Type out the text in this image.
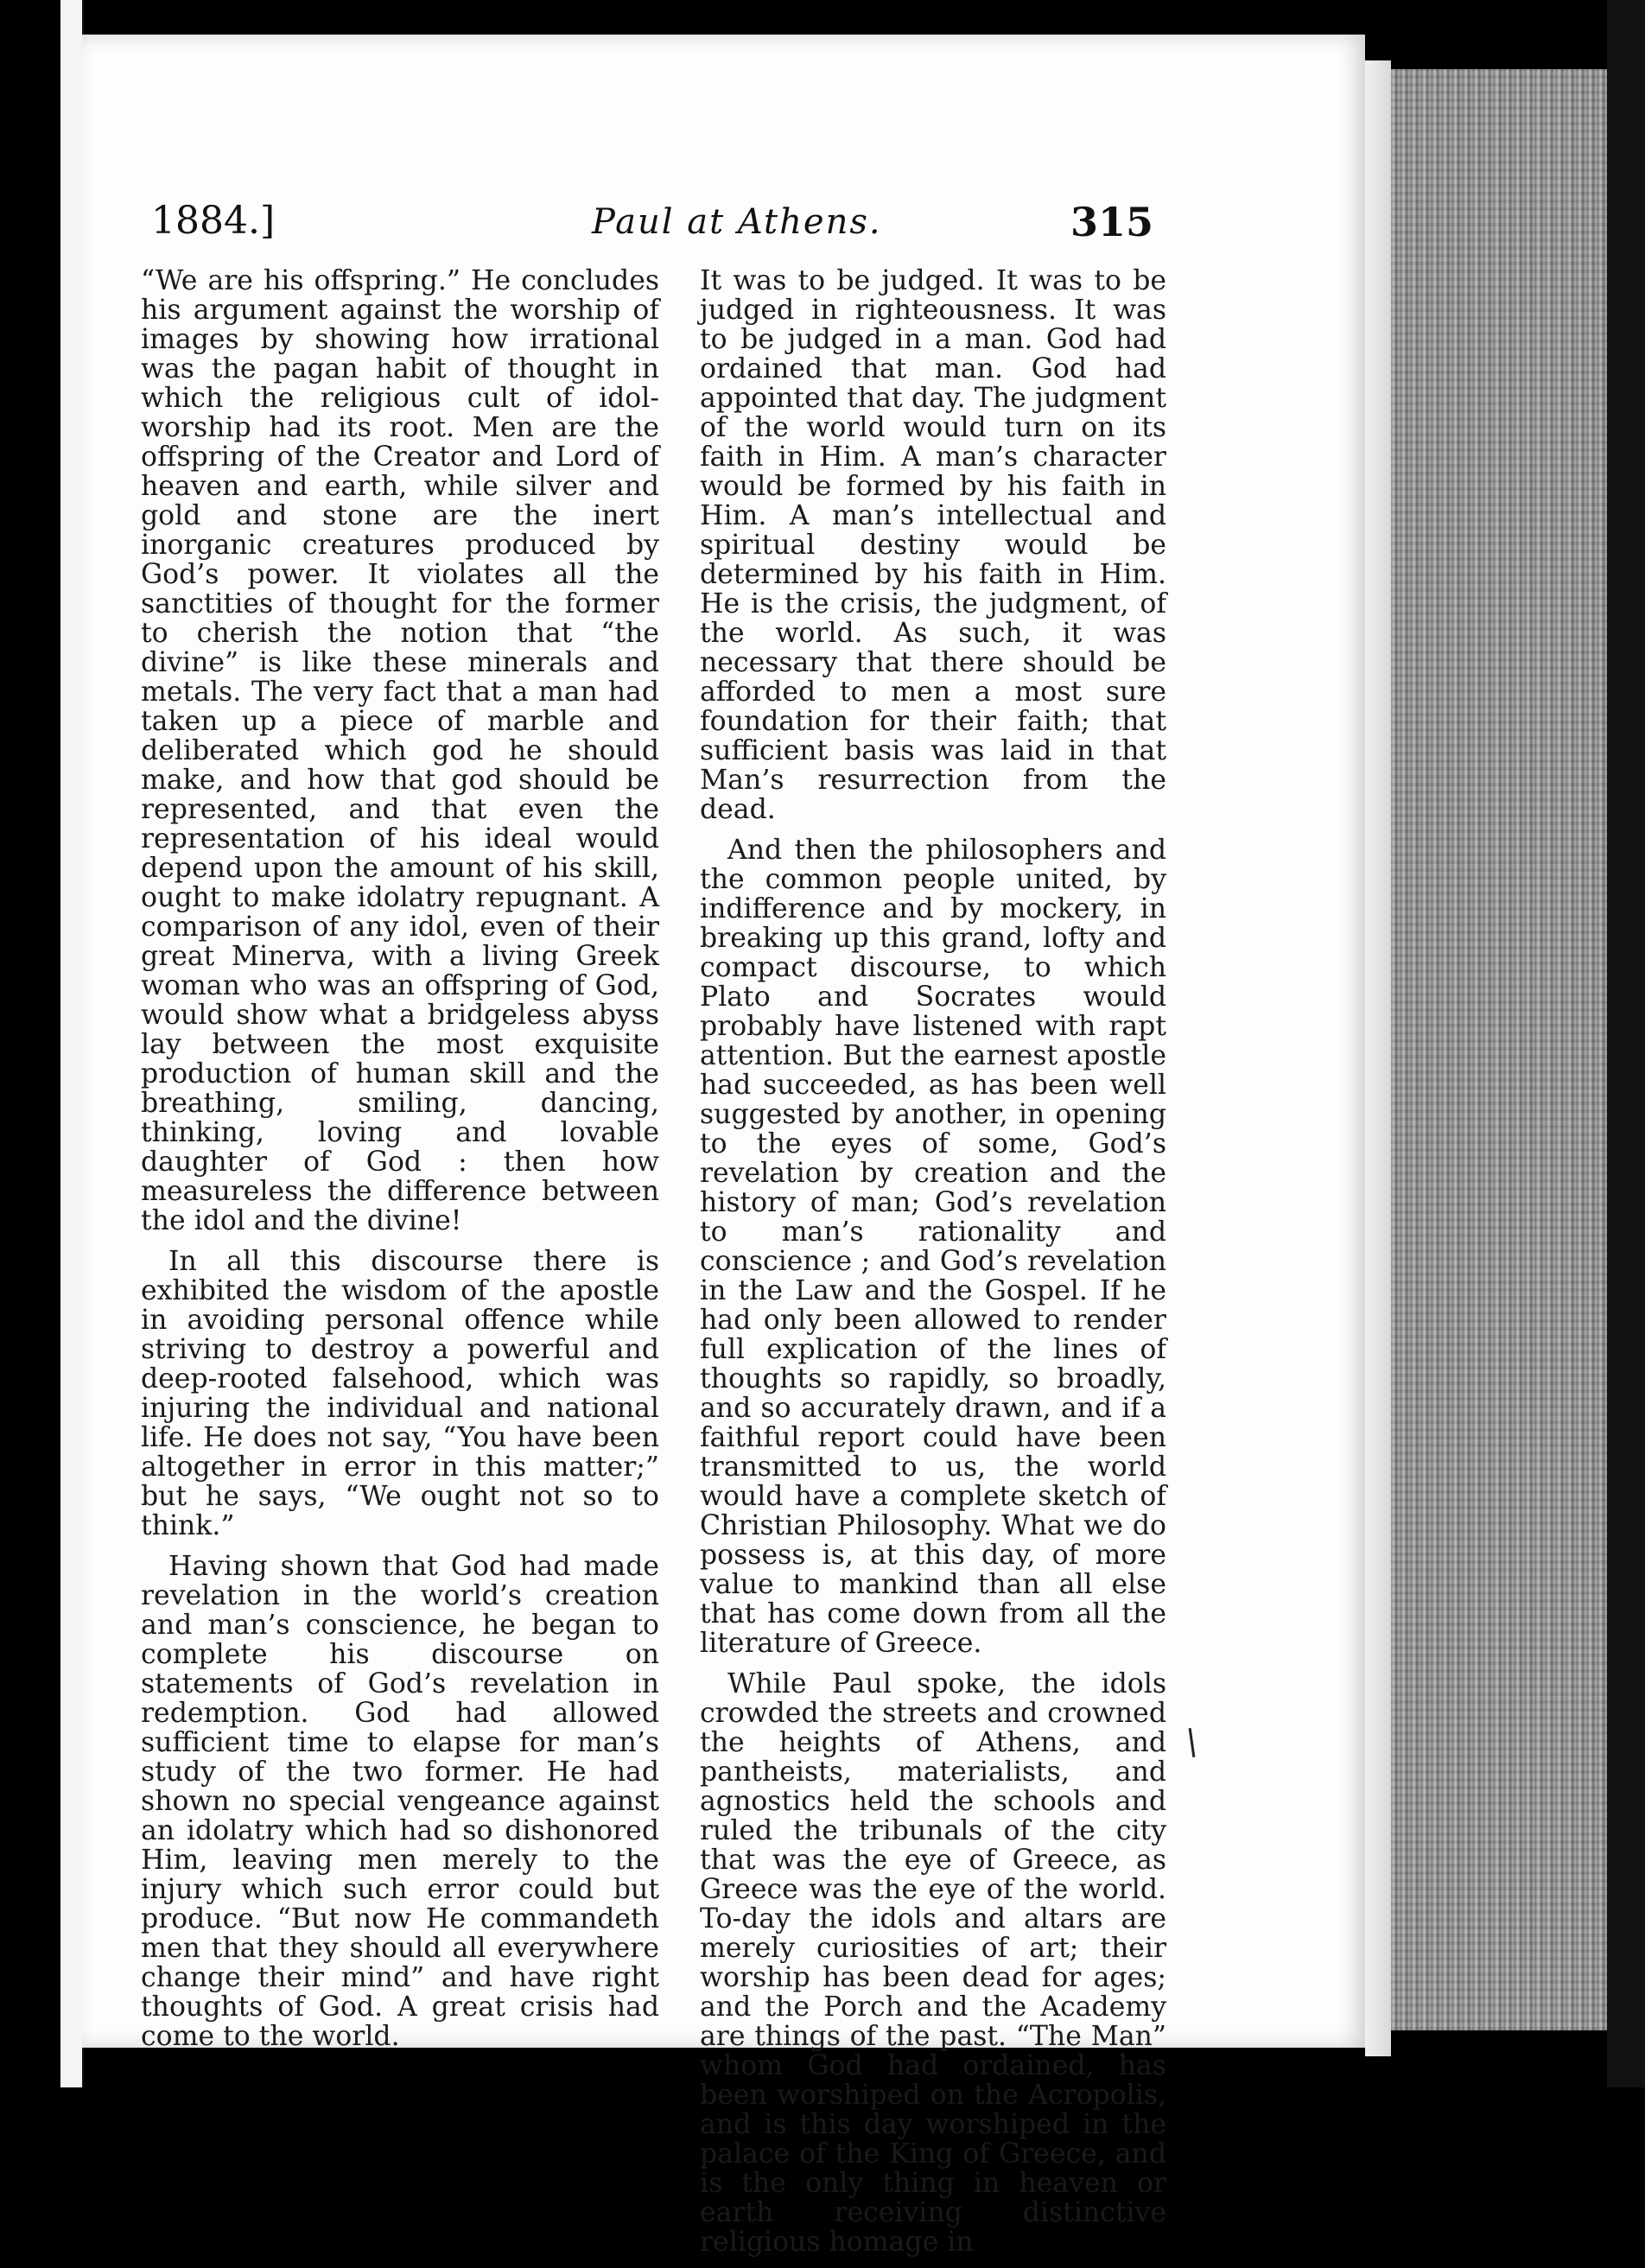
1884.]	Paul at Athens.	315

“We are his offspring.” He concludes his argument against the worship of images by showing how irrational was the pagan habit of thought in which the religious cult of idol-worship had its root. Men are the offspring of the Creator and Lord of heaven and earth, while silver and gold and stone are the inert inorganic creatures produced by God’s power. It violates all the sanctities of thought for the former to cherish the notion that “the divine” is like these minerals and metals. The very fact that a man had taken up a piece of marble and deliberated which god he should make, and how that god should be represented, and that even the representation of his ideal would depend upon the amount of his skill, ought to make idolatry repugnant. A comparison of any idol, even of their great Minerva, with a living Greek woman who was an offspring of God, would show what a bridgeless abyss lay between the most exquisite production of human skill and the breathing, smiling, dancing, thinking, loving and lovable daughter of God : then how measureless the difference between the idol and the divine!

In all this discourse there is exhibited the wisdom of the apostle in avoiding personal offence while striving to destroy a powerful and deep-rooted falsehood, which was injuring the individual and national life. He does not say, “You have been altogether in error in this matter;” but he says, “We ought not so to think.”

Having shown that God had made revelation in the world’s creation and man’s conscience, he began to complete his discourse on statements of God’s revelation in redemption. God had allowed sufficient time to elapse for man’s study of the two former. He had shown no special vengeance against an idolatry which had so dishonored Him, leaving men merely to the injury which such error could but produce. “But now He commandeth men that they should all everywhere change their mind” and have right thoughts of God. A great crisis had come to the world.

It was to be judged. It was to be judged in righteousness. It was to be judged in a man. God had ordained that man. God had appointed that day. The judgment of the world would turn on its faith in Him. A man’s character would be formed by his faith in Him. A man’s intellectual and spiritual destiny would be determined by his faith in Him. He is the crisis, the judgment, of the world. As such, it was necessary that there should be afforded to men a most sure foundation for their faith; that sufficient basis was laid in that Man’s resurrection from the dead.

And then the philosophers and the common people united, by indifference and by mockery, in breaking up this grand, lofty and compact discourse, to which Plato and Socrates would probably have listened with rapt attention. But the earnest apostle had succeeded, as has been well suggested by another, in opening to the eyes of some, God’s revelation by creation and the history of man; God’s revelation to man’s rationality and conscience ; and God’s revelation in the Law and the Gospel. If he had only been allowed to render full explication of the lines of thoughts so rapidly, so broadly, and so accurately drawn, and if a faithful report could have been transmitted to us, the world would have a complete sketch of Christian Philosophy. What we do possess is, at this day, of more value to mankind than all else that has come down from all the literature of Greece.

While Paul spoke, the idols crowded the streets and crowned the heights of Athens, and pantheists, materialists, and agnostics held the schools and ruled the tribunals of the city that was the eye of Greece, as Greece was the eye of the world. To-day the idols and altars are merely curiosities of art; their worship has been dead for ages; and the Porch and the Academy are things of the past. “The Man” whom God had ordained, has been worshiped on the Acropolis, and is this day worshiped in the palace of the King of Greece, and is the only thing in heaven or earth receiving distinctive religious homage in
